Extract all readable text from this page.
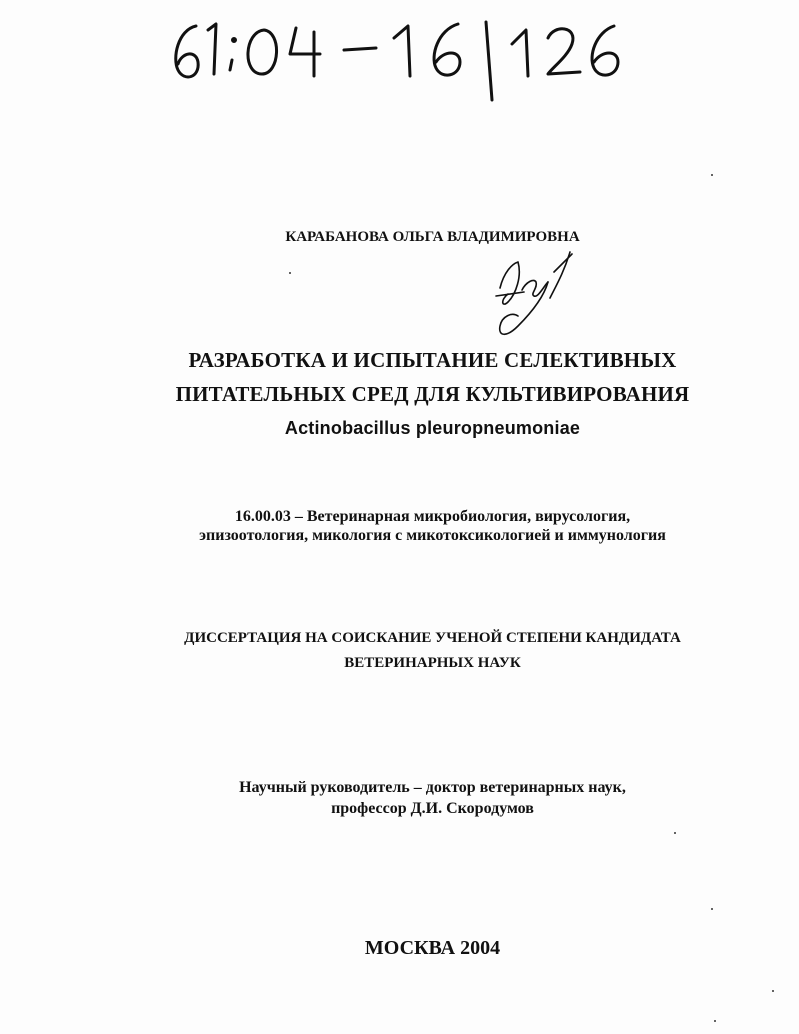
КАРАБАНОВА ОЛЬГА ВЛАДИМИРОВНА
РАЗРАБОТКА И ИСПЫТАНИЕ СЕЛЕКТИВНЫХ
ПИТАТЕЛЬНЫХ СРЕД ДЛЯ КУЛЬТИВИРОВАНИЯ
Actinobacillus pleuropneumoniae
16.00.03 – Ветеринарная микробиология, вирусология,
эпизоотология, микология с микотоксикологией и иммунология
ДИССЕРТАЦИЯ НА СОИСКАНИЕ УЧЕНОЙ СТЕПЕНИ КАНДИДАТА
ВЕТЕРИНАРНЫХ НАУК
Научный руководитель – доктор ветеринарных наук,
профессор Д.И. Скородумов
МОСКВА 2004
